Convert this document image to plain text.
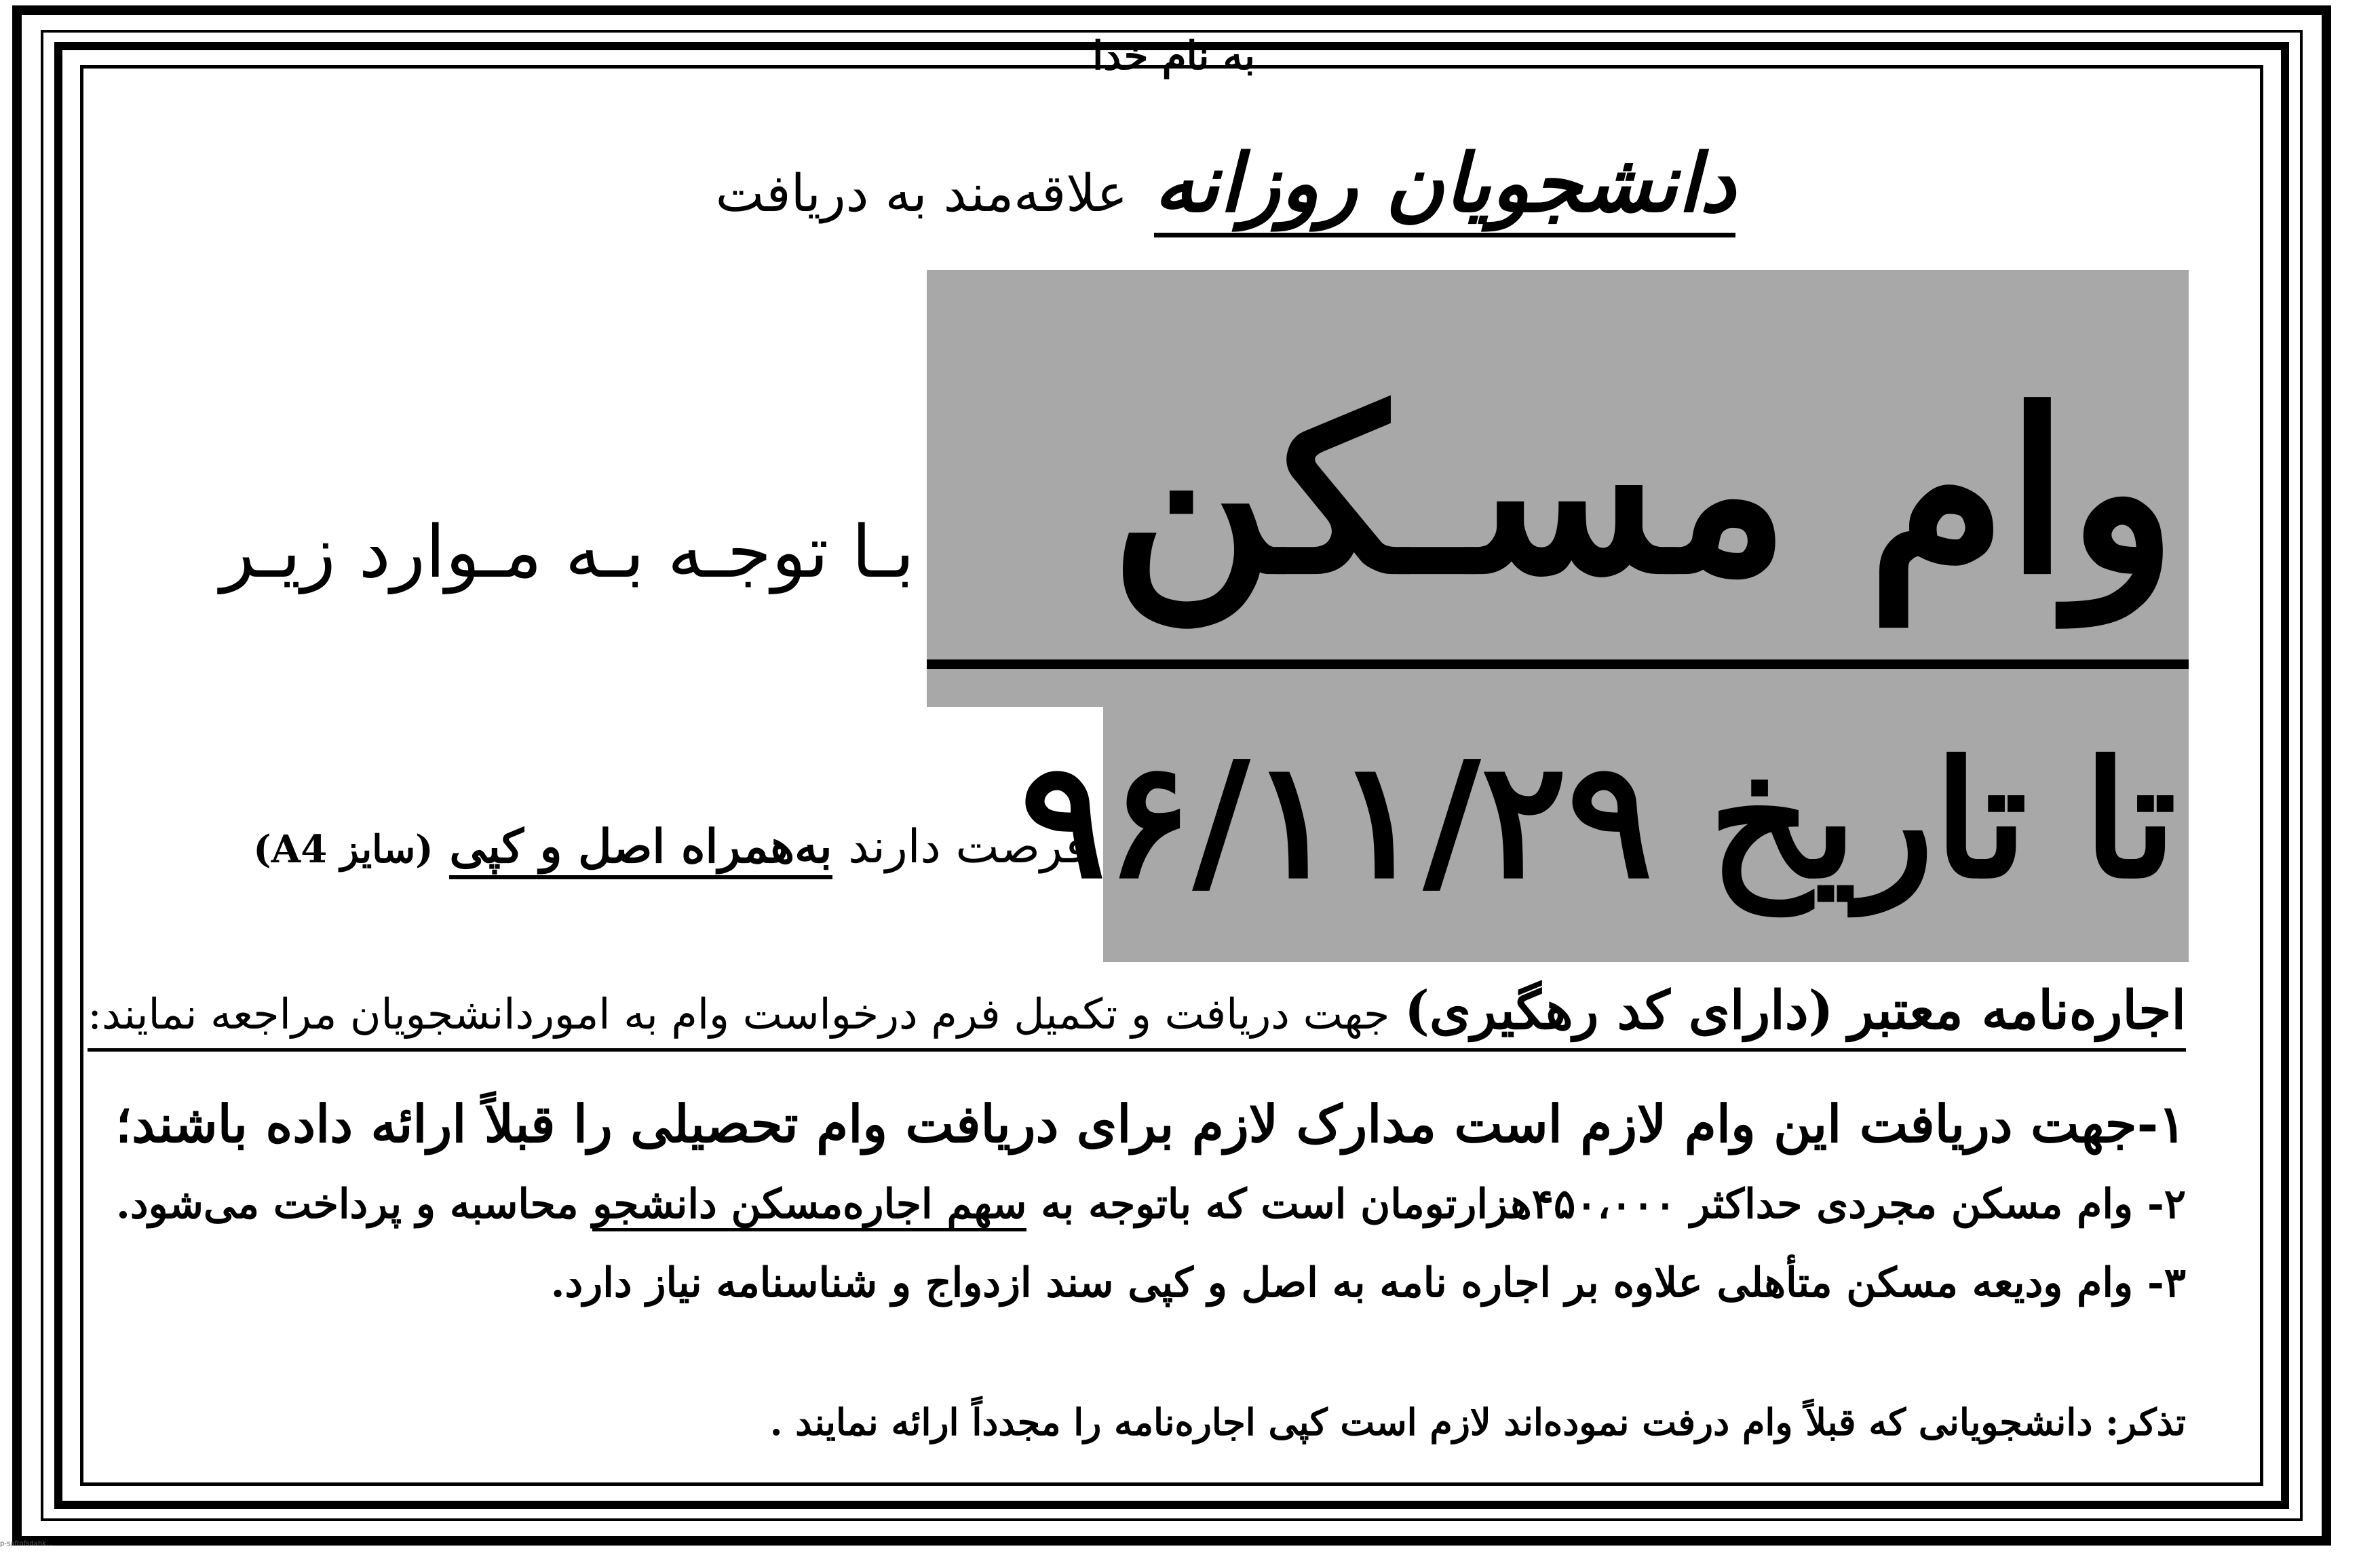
به نام خدا
دانشجویان روزانه علاقه‌مند به دریافت
وام مسـکن
بـا توجـه بـه مـوارد زیـر
تا تاریخ ۹۶/۱۱/۲۹
فرصت دارند به‌همراه اصل و کپی (سایز A4)
اجاره‌نامه معتبر (دارای کد رهگیری) جهت دریافت و تکمیل فرم درخواست وام به اموردانشجویان مراجعه نمایند:
۱-جهت دریافت این وام لازم است مدارک لازم برای دریافت وام تحصیلی را قبلاً ارائه داده باشند؛
۲- وام مسکن مجردی حداکثر ۴۵۰،۰۰۰هزارتومان است که باتوجه به سهم اجاره‌مسکن دانشجو محاسبه و پرداخت می‌شود.
۳- وام ودیعه مسکن متأهلی علاوه بر اجاره نامه به اصل و کپی سند ازدواج و شناسنامه نیاز دارد.
تذکر: دانشجویانی که قبلاً وام درفت نموده‌اند لازم است کپی اجاره‌نامه را مجدداً ارائه نمایند .
p-saftofsdahk...
